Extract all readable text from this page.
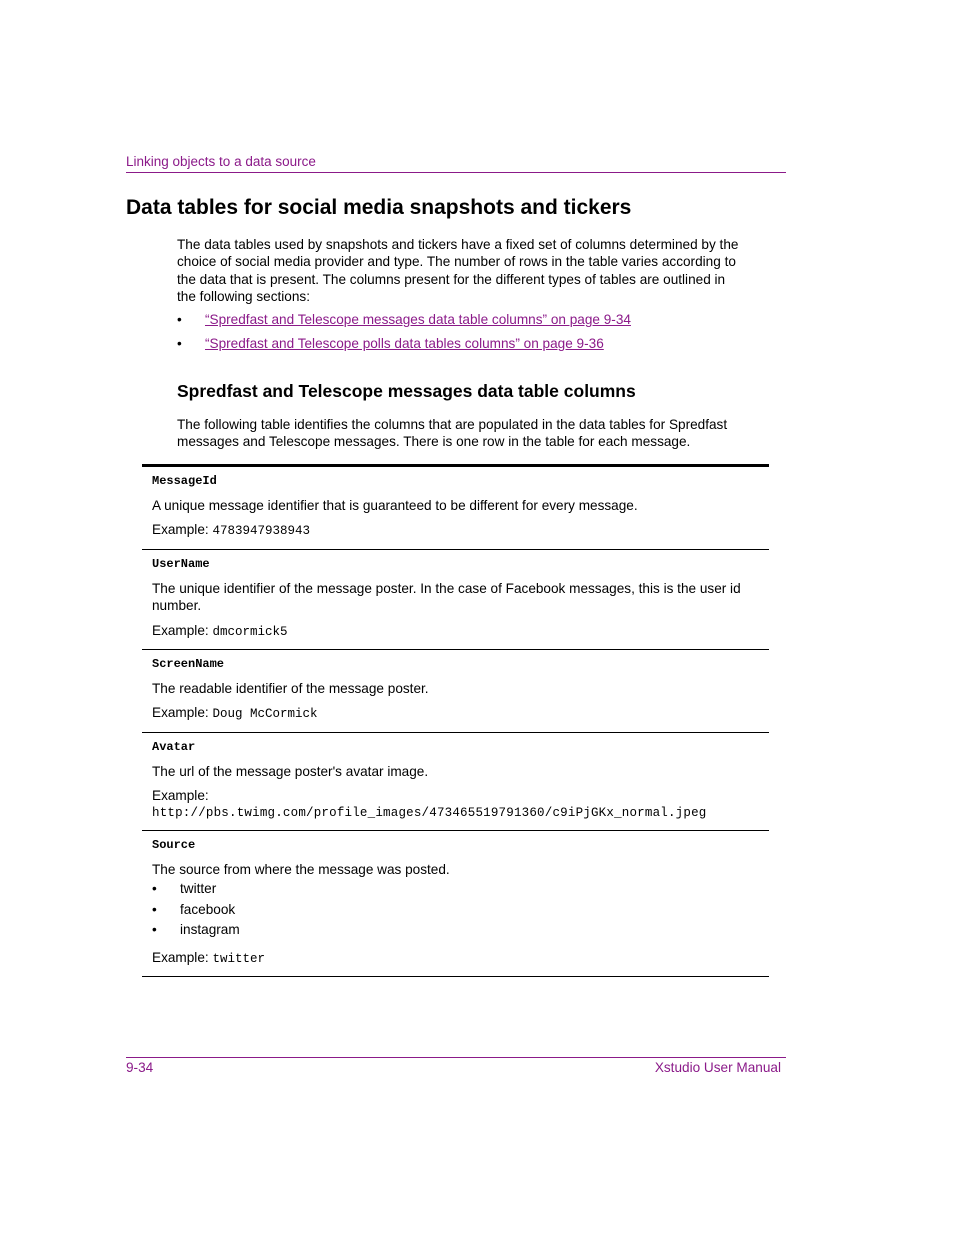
Linking objects to a data source
Data tables for social media snapshots and tickers

The data tables used by snapshots and tickers have a fixed set of columns determined by the choice of social media provider and type. The number of rows in the table varies according to the data that is present. The columns present for the different types of tables are outlined in the following sections:

• “Spredfast and Telescope messages data table columns” on page 9-34
• “Spredfast and Telescope polls data tables columns” on page 9-36
Spredfast and Telescope messages data table columns

The following table identifies the columns that are populated in the data tables for Spredfast messages and Telescope messages. There is one row in the table for each message.

MessageId
A unique message identifier that is guaranteed to be different for every message.
Example: 4783947938943
UserName
The unique identifier of the message poster. In the case of Facebook messages, this is the user id number.
Example: dmcormick5
ScreenName
The readable identifier of the message poster.
Example: Doug McCormick
Avatar
The url of the message poster's avatar image.
Example:
http://pbs.twimg.com/profile_images/473465519791360/c9iPjGKx_normal.jpeg
Source
The source from where the message was posted.
• twitter
• facebook
• instagram
Example: twitter
9-34	Xstudio User Manual
